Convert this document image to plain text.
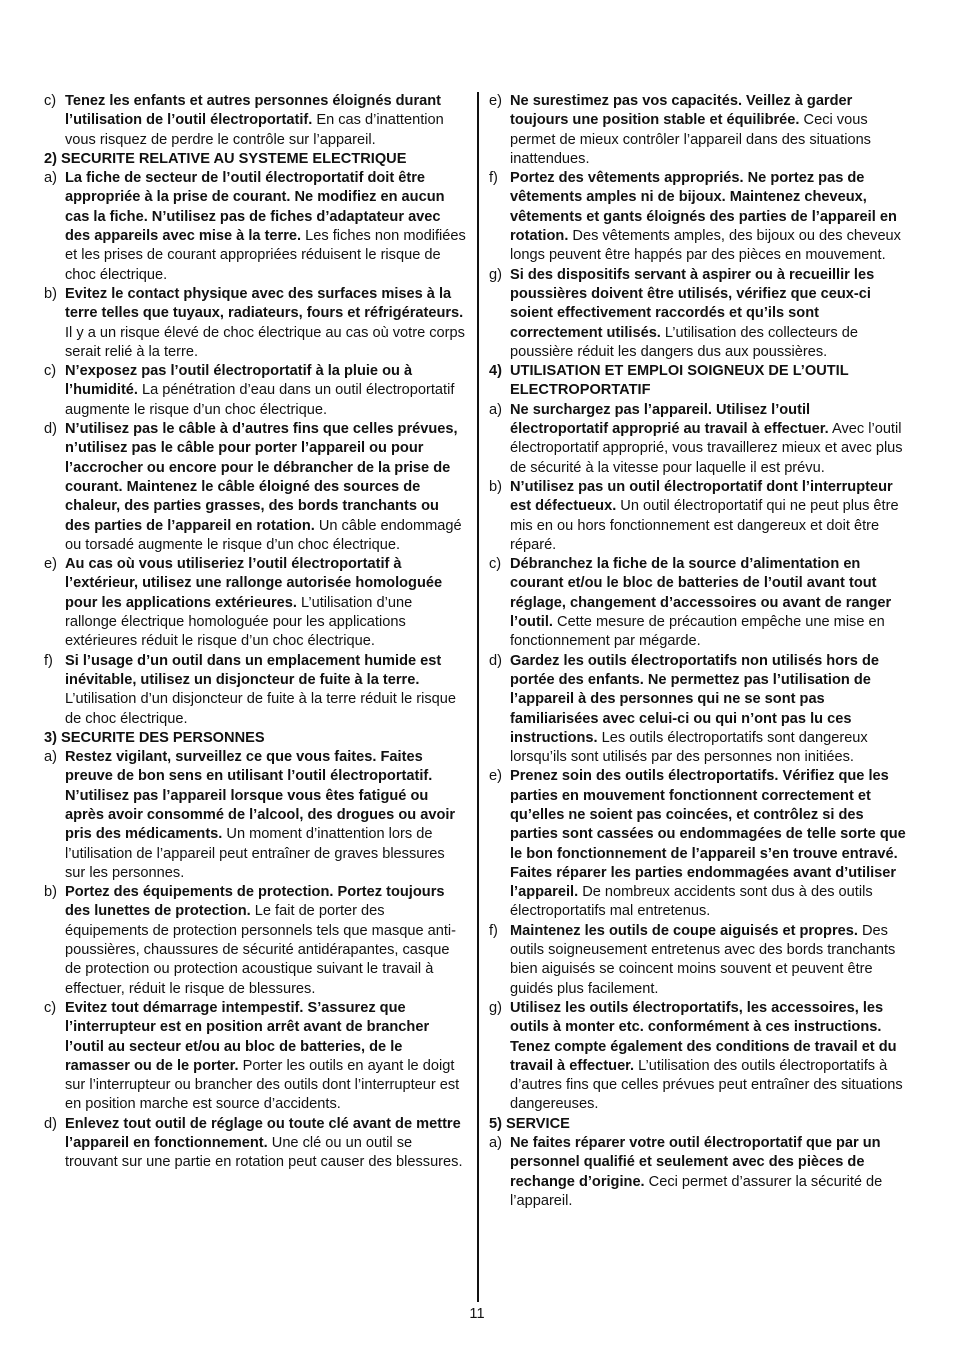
c) Tenez les enfants et autres personnes éloignés durant l’utilisation de l’outil électroportatif. En cas d’inattention vous risquez de perdre le contrôle sur l’appareil.
2) SECURITE RELATIVE AU SYSTEME ELECTRIQUE
a) La fiche de secteur de l’outil électroportatif doit être appropriée à la prise de courant. Ne modifiez en aucun cas la fiche. N’utilisez pas de fiches d’adaptateur avec des appareils avec mise à la terre. Les fiches non modifiées et les prises de courant appropriées réduisent le risque de choc électrique.
b) Evitez le contact physique avec des surfaces mises à la terre telles que tuyaux, radiateurs, fours et réfrigérateurs. Il y a un risque élevé de choc électrique au cas où votre corps serait relié à la terre.
c) N’exposez pas l’outil électroportatif à la pluie ou à l’humidité. La pénétration d’eau dans un outil électroportatif augmente le risque d’un choc électrique.
d) N’utilisez pas le câble à d’autres fins que celles prévues, n’utilisez pas le câble pour porter l’appareil ou pour l’accrocher ou encore pour le débrancher de la prise de courant. Maintenez le câble éloigné des sources de chaleur, des parties grasses, des bords tranchants ou des parties de l’appareil en rotation. Un câble endommagé ou torsadé augmente le risque d’un choc électrique.
e) Au cas où vous utiliseriez l’outil électroportatif à l’extérieur, utilisez une rallonge autorisée homologuée pour les applications extérieures. L’utilisation d’une rallonge électrique homologuée pour les applications extérieures réduit le risque d’un choc électrique.
f) Si l’usage d’un outil dans un emplacement humide est inévitable, utilisez un disjoncteur de fuite à la terre. L’utilisation d’un disjoncteur de fuite à la terre réduit le risque de choc électrique.
3) SECURITE DES PERSONNES
a) Restez vigilant, surveillez ce que vous faites. Faites preuve de bon sens en utilisant l’outil électroportatif. N’utilisez pas l’appareil lorsque vous êtes fatigué ou après avoir consommé de l’alcool, des drogues ou avoir pris des médicaments. Un moment d’inattention lors de l’utilisation de l’appareil peut entraîner de graves blessures sur les personnes.
b) Portez des équipements de protection. Portez toujours des lunettes de protection. Le fait de porter des équipements de protection personnels tels que masque anti-poussières, chaussures de sécurité antidérapantes, casque de protection ou protection acoustique suivant le travail à effectuer, réduit le risque de blessures.
c) Evitez tout démarrage intempestif. S’assurez que l’interrupteur est en position arrêt avant de brancher l’outil au secteur et/ou au bloc de batteries, de le ramasser ou de le porter. Porter les outils en ayant le doigt sur l’interrupteur ou brancher des outils dont l’interrupteur est en position marche est source d’accidents.
d) Enlevez tout outil de réglage ou toute clé avant de mettre l’appareil en fonctionnement. Une clé ou un outil se trouvant sur une partie en rotation peut causer des blessures.
e) Ne surestimez pas vos capacités. Veillez à garder toujours une position stable et équilibrée. Ceci vous permet de mieux contrôler l’appareil dans des situations inattendues.
f) Portez des vêtements appropriés. Ne portez pas de vêtements amples ni de bijoux. Maintenez cheveux, vêtements et gants éloignés des parties de l’appareil en rotation. Des vêtements amples, des bijoux ou des cheveux longs peuvent être happés par des pièces en mouvement.
g) Si des dispositifs servant à aspirer ou à recueillir les poussières doivent être utilisés, vérifiez que ceux-ci soient effectivement raccordés et qu’ils sont correctement utilisés. L’utilisation des collecteurs de poussière réduit les dangers dus aux poussières.
4) UTILISATION ET EMPLOI SOIGNEUX DE L’OUTIL ELECTROPORTATIF
a) Ne surchargez pas l’appareil. Utilisez l’outil électroportatif approprié au travail à effectuer. Avec l’outil électroportatif approprié, vous travaillerez mieux et avec plus de sécurité à la vitesse pour laquelle il est prévu.
b) N’utilisez pas un outil électroportatif dont l’interrupteur est défectueux. Un outil électroportatif qui ne peut plus être mis en ou hors fonctionnement est dangereux et doit être réparé.
c) Débranchez la fiche de la source d’alimentation en courant et/ou le bloc de batteries de l’outil avant tout réglage, changement d’accessoires ou avant de ranger l’outil. Cette mesure de précaution empêche une mise en fonctionnement par mégarde.
d) Gardez les outils électroportatifs non utilisés hors de portée des enfants. Ne permettez pas l’utilisation de l’appareil à des personnes qui ne se sont pas familiarisées avec celui-ci ou qui n’ont pas lu ces instructions. Les outils électroportatifs sont dangereux lorsqu’ils sont utilisés par des personnes non initiées.
e) Prenez soin des outils électroportatifs. Vérifiez que les parties en mouvement fonctionnent correctement et qu’elles ne soient pas coincées, et contrôlez si des parties sont cassées ou endommagées de telle sorte que le bon fonctionnement de l’appareil s’en trouve entravé. Faites réparer les parties endommagées avant d’utiliser l’appareil. De nombreux accidents sont dus à des outils électroportatifs mal entretenus.
f) Maintenez les outils de coupe aiguisés et propres. Des outils soigneusement entretenus avec des bords tranchants bien aiguisés se coincent moins souvent et peuvent être guidés plus facilement.
g) Utilisez les outils électroportatifs, les accessoires, les outils à monter etc. conformément à ces instructions. Tenez compte également des conditions de travail et du travail à effectuer. L’utilisation des outils électroportatifs à d’autres fins que celles prévues peut entraîner des situations dangereuses.
5) SERVICE
a) Ne faites réparer votre outil électroportatif que par un personnel qualifié et seulement avec des pièces de rechange d’origine. Ceci permet d’assurer la sécurité de l’appareil.
11
